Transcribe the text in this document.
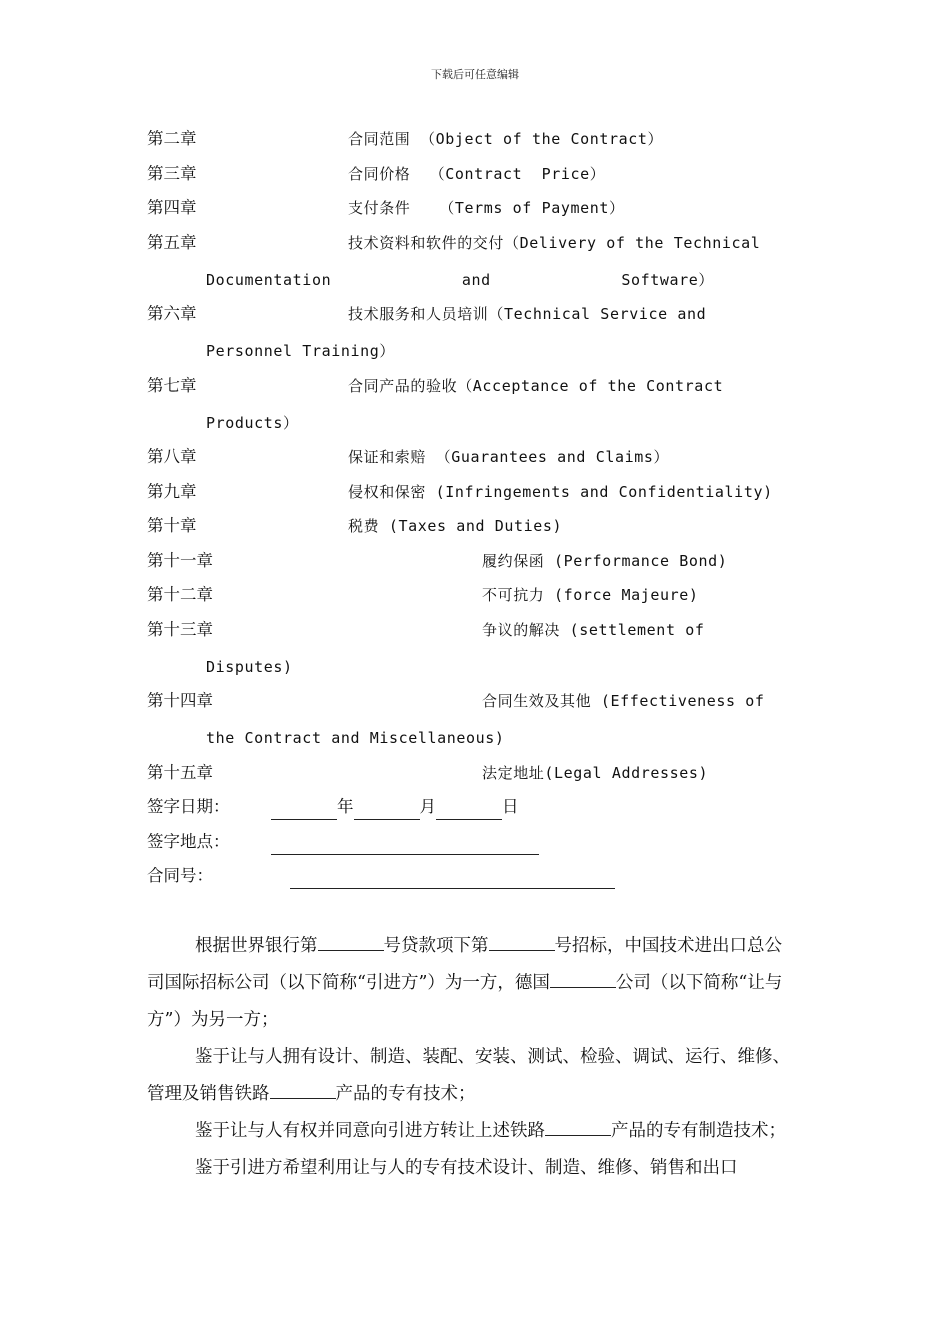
下载后可任意编辑
第二章	合同范围 （Object of the Contract）
第三章	合同价格  （Contract  Price）
第四章	支付条件   （Terms of Payment）
第五章	技术资料和软件的交付（Delivery of the Technical
Documentation	and	Software）
第六章	技术服务和人员培训（Technical Service and
Personnel Training）
第七章	合同产品的验收（Acceptance of the Contract
Products）
第八章	保证和索赔 （Guarantees and Claims）
第九章	侵权和保密 (Infringements and Confidentiality)
第十章	税费 (Taxes and Duties)
第十一章	履约保函 (Performance Bond)
第十二章	不可抗力 (force Majeure)
第十三章	争议的解决 (settlement of
Disputes)
第十四章	合同生效及其他 (Effectiveness of
the Contract and Miscellaneous)
第十五章	法定地址(Legal Addresses)
签字日期：	年	月	日
签字地点：
合同号：

根据世界银行第	号贷款项下第	号招标，中国技术进出口总公司国际招标公司（以下简称“引进方”）为一方，德国	公司（以下简称“让与方”）为另一方；

鉴于让与人拥有设计、制造、装配、安装、测试、检验、调试、运行、维修、管理及销售铁路	产品的专有技术；

鉴于让与人有权并同意向引进方转让上述铁路	产品的专有制造技术；

鉴于引进方希望利用让与人的专有技术设计、制造、维修、销售和出口
